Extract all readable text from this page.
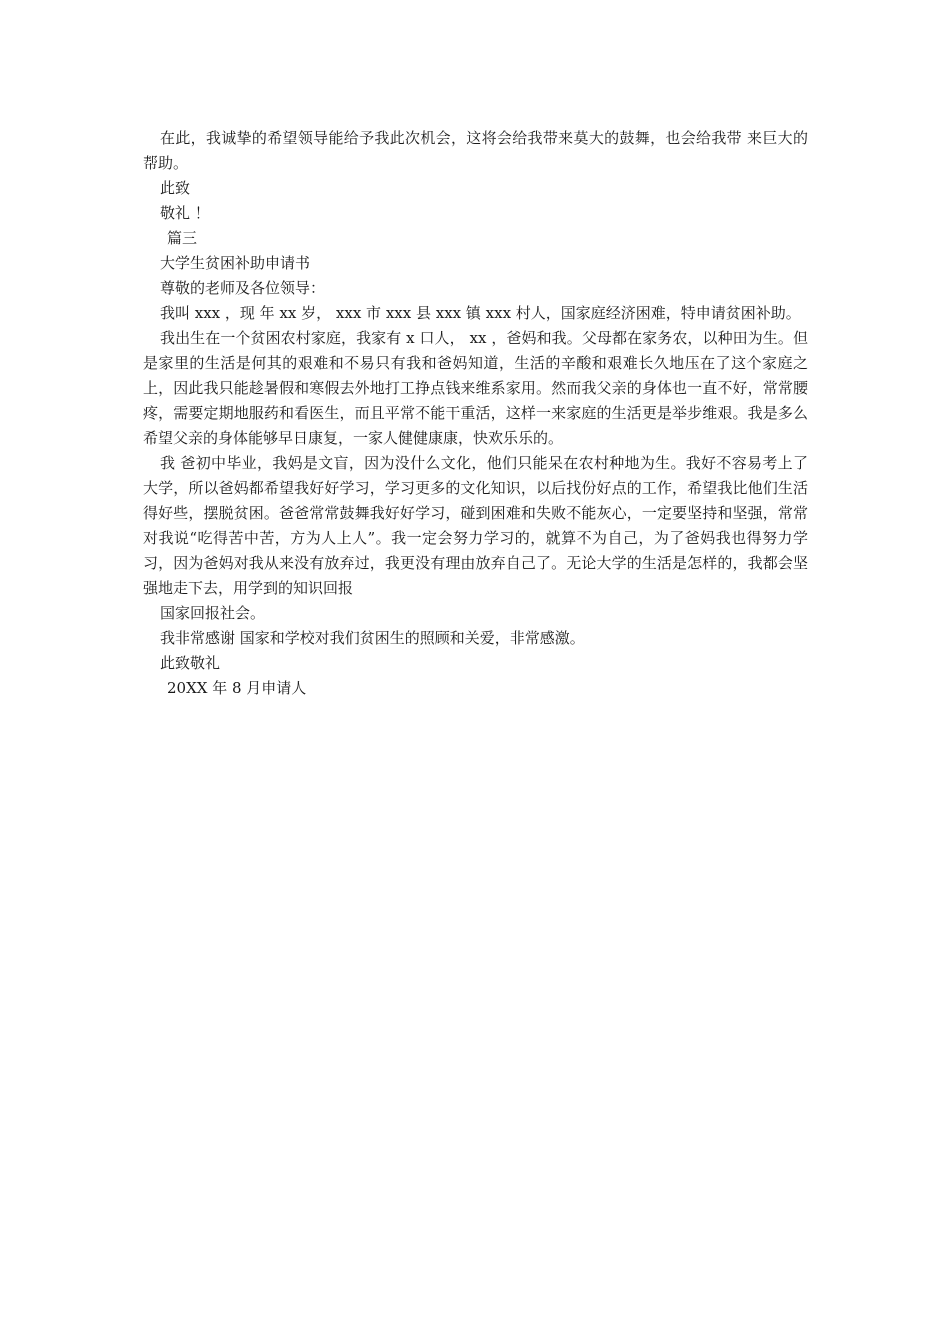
在此，我诚挚的希望领导能给予我此次机会，这将会给我带来莫大的鼓舞，也会给我带 来巨大的帮助。

此致

敬礼 ！

篇三

大学生贫困补助申请书

尊敬的老师及各位领导：

我叫 xxx ，现 年 xx 岁， xxx 市 xxx 县 xxx 镇 xxx 村人，国家庭经济困难，特申请贫困补助。

我出生在一个贫困农村家庭，我家有 x 口人， xx ，爸妈和我。父母都在家务农，以种田为生。但是家里的生活是何其的艰难和不易只有我和爸妈知道，生活的辛酸和艰难长久地压在了这个家庭之上，因此我只能趁暑假和寒假去外地打工挣点钱来维系家用。然而我父亲的身体也一直不好，常常腰疼，需要定期地服药和看医生，而且平常不能干重活，这样一来家庭的生活更是举步维艰。我是多么希望父亲的身体能够早日康复，一家人健健康康，快欢乐乐的。

我 爸初中毕业，我妈是文盲，因为没什么文化，他们只能呆在农村种地为生。我好不容易考上了大学，所以爸妈都希望我好好学习，学习更多的文化知识，以后找份好点的工作，希望我比他们生活得好些，摆脱贫困。爸爸常常鼓舞我好好学习，碰到困难和失败不能灰心，一定要坚持和坚强，常常对我说“吃得苦中苦，方为人上人”。我一定会努力学习的，就算不为自己，为了爸妈我也得努力学习，因为爸妈对我从来没有放弃过，我更没有理由放弃自己了。无论大学的生活是怎样的，我都会坚强地走下去，用学到的知识回报

国家回报社会。

我非常感谢 国家和学校对我们贫困生的照顾和关爱，非常感激。

此致敬礼

20XX 年 8 月申请人
